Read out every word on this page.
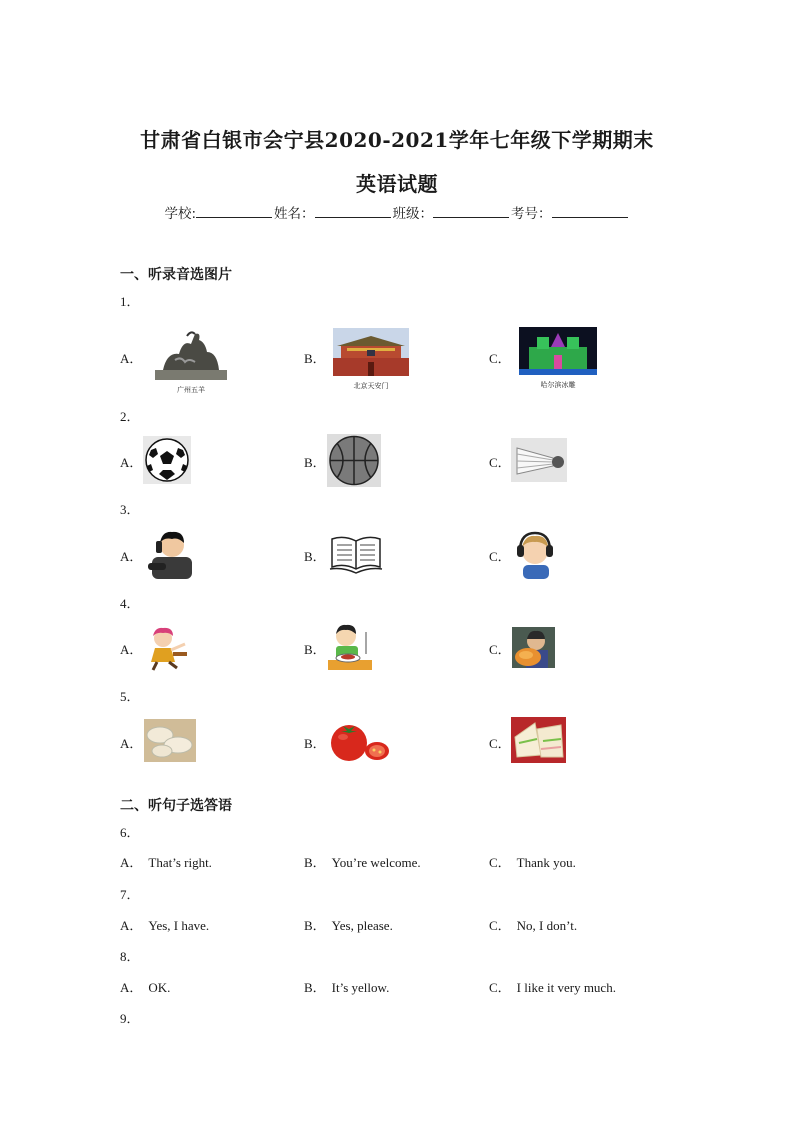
甘肃省白银市会宁县2020-2021学年七年级下学期期末
英语试题
学校:	姓名：	班级：	考号：
一、听录音选图片
1．
A．	B．	C．
广州五羊	北京天安门	哈尔滨冰雕
2．
A．	B．	C．
3．
A．	B．	C．
4．
A．	B．	C．
5．
A．	B．	C．
二、听句子选答语
6．
A． That’s right.	B． You’re welcome.	C． Thank you.
7．
A． Yes, I have.	B． Yes, please.	C． No, I don’t.
8．
A． OK.	B． It’s yellow.	C． I like it very much.
9．
